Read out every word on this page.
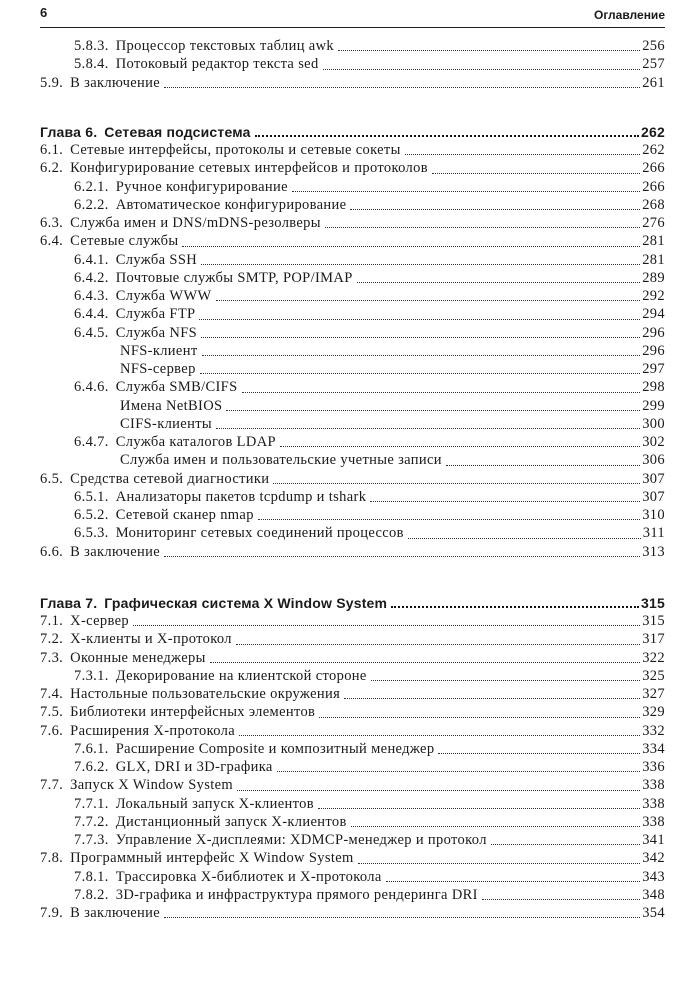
6	Оглавление
5.8.3. Процессор текстовых таблиц awk	256
5.8.4. Потоковый редактор текста sed	257
5.9. В заключение	261
Глава 6. Сетевая подсистема	262
6.1. Сетевые интерфейсы, протоколы и сетевые сокеты	262
6.2. Конфигурирование сетевых интерфейсов и протоколов	266
6.2.1. Ручное конфигурирование	266
6.2.2. Автоматическое конфигурирование	268
6.3. Служба имен и DNS/mDNS-резолверы	276
6.4. Сетевые службы	281
6.4.1. Служба SSH	281
6.4.2. Почтовые службы SMTP, POP/IMAP	289
6.4.3. Служба WWW	292
6.4.4. Служба FTP	294
6.4.5. Служба NFS	296
NFS-клиент	296
NFS-сервер	297
6.4.6. Служба SMB/CIFS	298
Имена NetBIOS	299
CIFS-клиенты	300
6.4.7. Служба каталогов LDAP	302
Служба имен и пользовательские учетные записи	306
6.5. Средства сетевой диагностики	307
6.5.1. Анализаторы пакетов tcpdump и tshark	307
6.5.2. Сетевой сканер nmap	310
6.5.3. Мониторинг сетевых соединений процессов	311
6.6. В заключение	313
Глава 7. Графическая система X Window System	315
7.1. X-сервер	315
7.2. X-клиенты и X-протокол	317
7.3. Оконные менеджеры	322
7.3.1. Декорирование на клиентской стороне	325
7.4. Настольные пользовательские окружения	327
7.5. Библиотеки интерфейсных элементов	329
7.6. Расширения X-протокола	332
7.6.1. Расширение Composite и композитный менеджер	334
7.6.2. GLX, DRI и 3D-графика	336
7.7. Запуск X Window System	338
7.7.1. Локальный запуск X-клиентов	338
7.7.2. Дистанционный запуск X-клиентов	338
7.7.3. Управление X-дисплеями: XDMCP-менеджер и протокол	341
7.8. Программный интерфейс X Window System	342
7.8.1. Трассировка X-библиотек и X-протокола	343
7.8.2. 3D-графика и инфраструктура прямого рендеринга DRI	348
7.9. В заключение	354
